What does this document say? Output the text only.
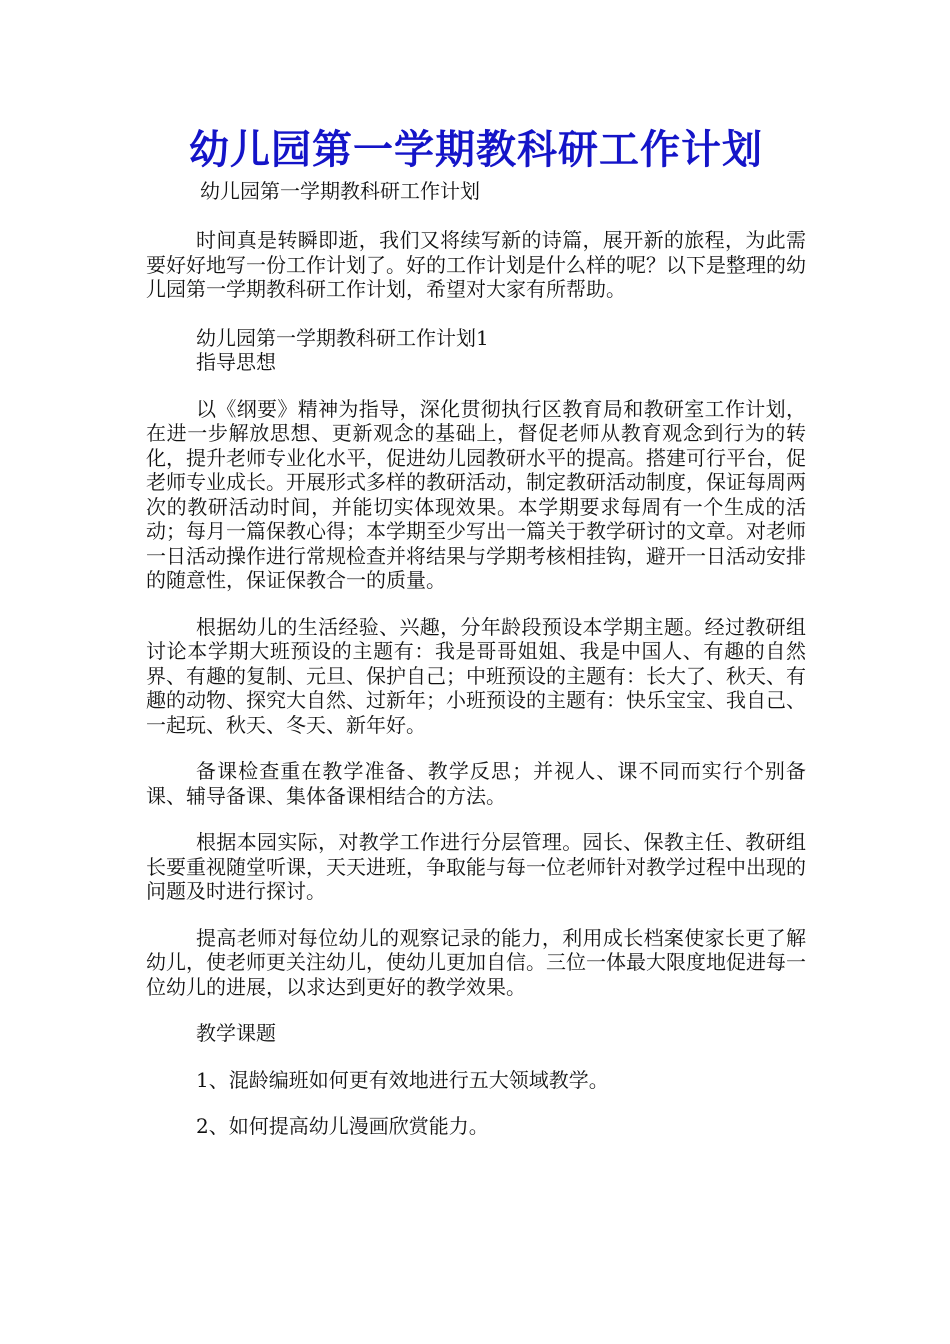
幼儿园第一学期教科研工作计划
幼儿园第一学期教科研工作计划

时间真是转瞬即逝，我们又将续写新的诗篇，展开新的旅程，为此需要好好地写一份工作计划了。好的工作计划是什么样的呢？以下是整理的幼儿园第一学期教科研工作计划，希望对大家有所帮助。

幼儿园第一学期教科研工作计划1

指导思想

以《纲要》精神为指导，深化贯彻执行区教育局和教研室工作计划，在进一步解放思想、更新观念的基础上，督促老师从教育观念到行为的转化，提升老师专业化水平，促进幼儿园教研水平的提高。搭建可行平台，促老师专业成长。开展形式多样的教研活动，制定教研活动制度，保证每周两次的教研活动时间，并能切实体现效果。本学期要求每周有一个生成的活动；每月一篇保教心得；本学期至少写出一篇关于教学研讨的文章。对老师一日活动操作进行常规检查并将结果与学期考核相挂钩，避开一日活动安排的随意性，保证保教合一的质量。

根据幼儿的生活经验、兴趣，分年龄段预设本学期主题。经过教研组讨论本学期大班预设的主题有：我是哥哥姐姐、我是中国人、有趣的自然界、有趣的复制、元旦、保护自己；中班预设的主题有：长大了、秋天、有趣的动物、探究大自然、过新年；小班预设的主题有：快乐宝宝、我自己、一起玩、秋天、冬天、新年好。

备课检查重在教学准备、教学反思；并视人、课不同而实行个别备课、辅导备课、集体备课相结合的方法。

根据本园实际，对教学工作进行分层管理。园长、保教主任、教研组长要重视随堂听课，天天进班，争取能与每一位老师针对教学过程中出现的问题及时进行探讨。

提高老师对每位幼儿的观察记录的能力，利用成长档案使家长更了解幼儿，使老师更关注幼儿，使幼儿更加自信。三位一体最大限度地促进每一位幼儿的进展，以求达到更好的教学效果。

教学课题

1、混龄编班如何更有效地进行五大领域教学。

2、如何提高幼儿漫画欣赏能力。
